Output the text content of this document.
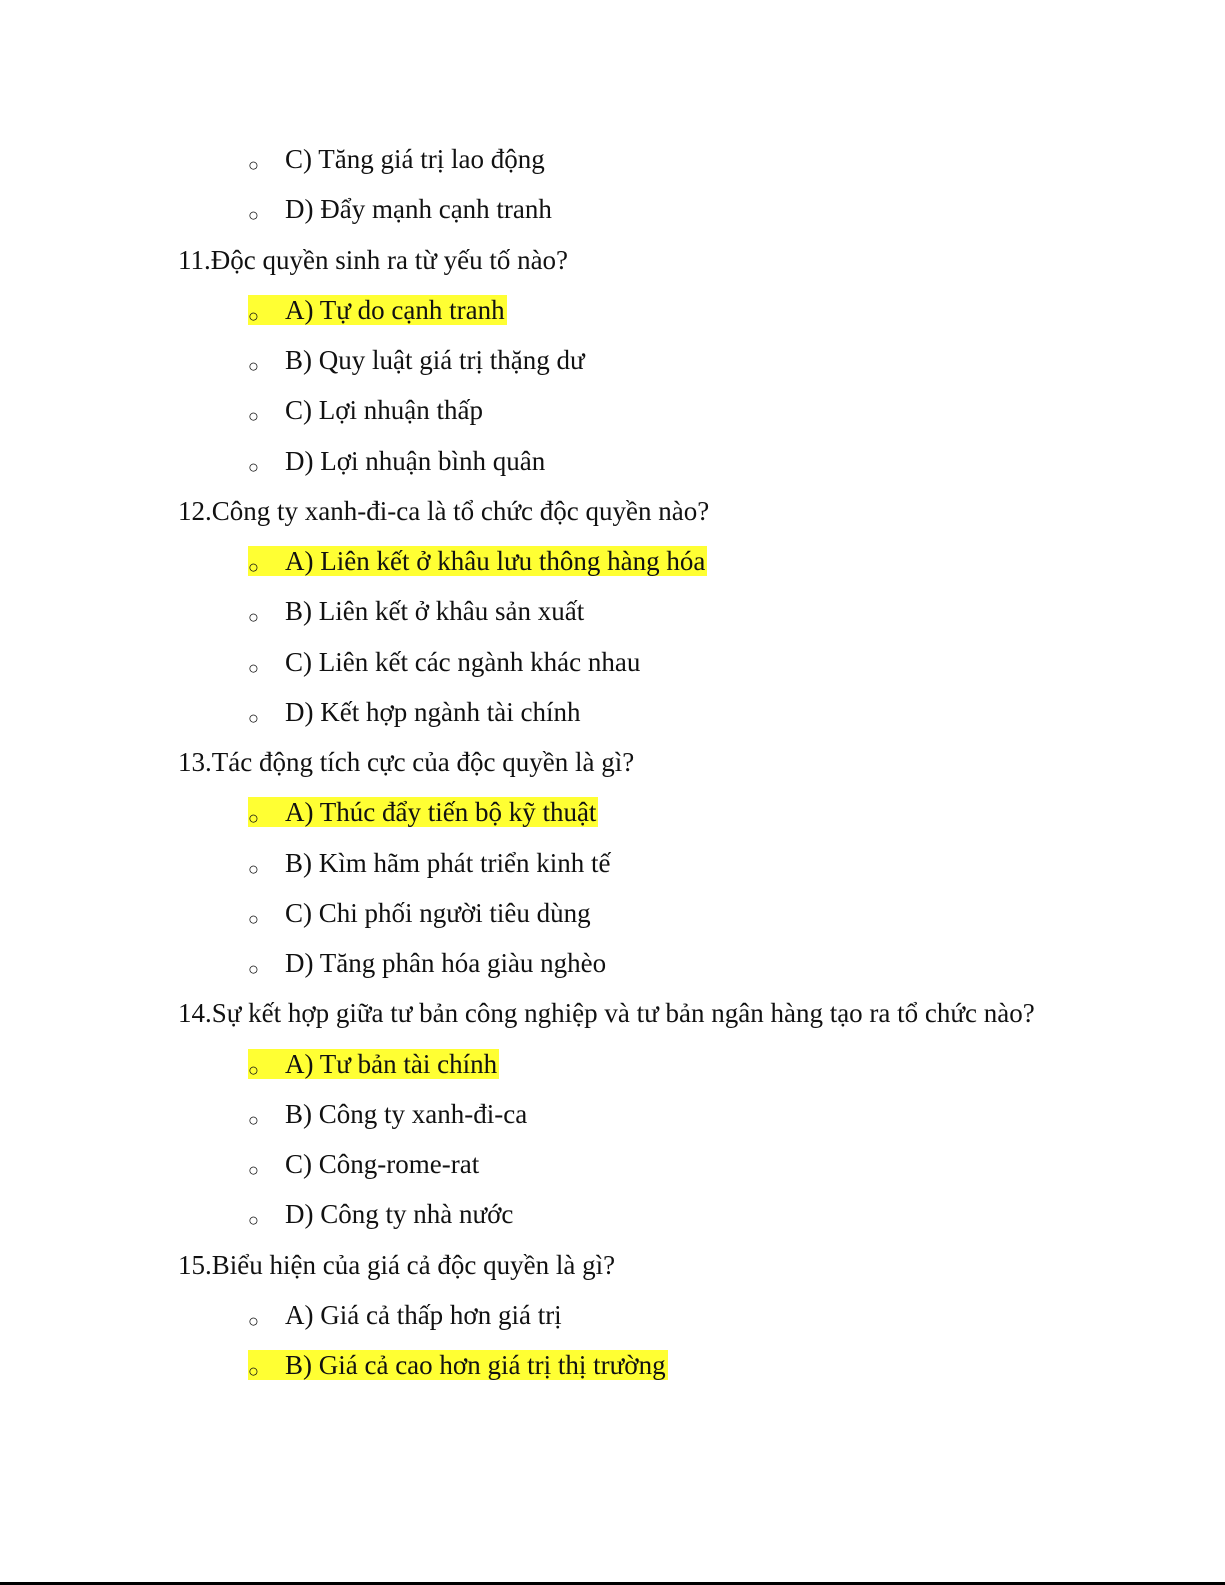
○ C) Tăng giá trị lao động
○ D) Đẩy mạnh cạnh tranh
11.Độc quyền sinh ra từ yếu tố nào?
○ A) Tự do cạnh tranh
○ B) Quy luật giá trị thặng dư
○ C) Lợi nhuận thấp
○ D) Lợi nhuận bình quân
12.Công ty xanh-đi-ca là tổ chức độc quyền nào?
○ A) Liên kết ở khâu lưu thông hàng hóa
○ B) Liên kết ở khâu sản xuất
○ C) Liên kết các ngành khác nhau
○ D) Kết hợp ngành tài chính
13.Tác động tích cực của độc quyền là gì?
○ A) Thúc đẩy tiến bộ kỹ thuật
○ B) Kìm hãm phát triển kinh tế
○ C) Chi phối người tiêu dùng
○ D) Tăng phân hóa giàu nghèo
14.Sự kết hợp giữa tư bản công nghiệp và tư bản ngân hàng tạo ra tổ chức nào?
○ A) Tư bản tài chính
○ B) Công ty xanh-đi-ca
○ C) Công-rome-rat
○ D) Công ty nhà nước
15.Biểu hiện của giá cả độc quyền là gì?
○ A) Giá cả thấp hơn giá trị
○ B) Giá cả cao hơn giá trị thị trường
